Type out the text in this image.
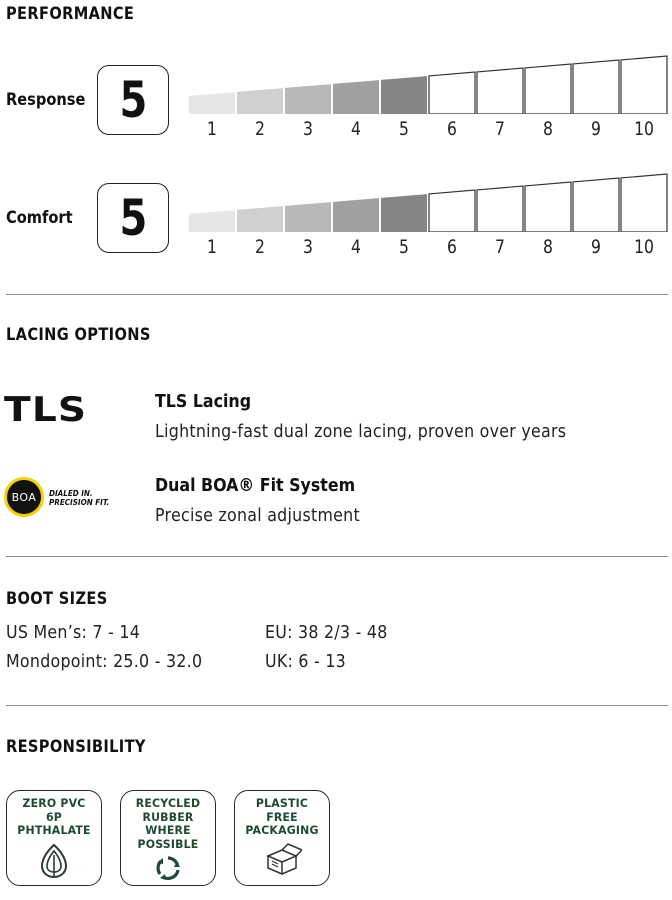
PERFORMANCE
Response 5	1	2	3	4	5	6	7	8	9	10
Comfort 5	1	2	3	4	5	6	7	8	9	10
LACING OPTIONS
TLS	TLS Lacing
Lightning-fast dual zone lacing, proven over years
BOA DIALED IN.
PRECISION FIT.
Dual BOA® Fit System
Precise zonal adjustment
BOOT SIZES
US Men’s: 7 - 14	EU: 38 2/3 - 48
Mondopoint: 25.0 - 32.0	UK: 6 - 13
RESPONSIBILITY
ZERO PVC
6P
PHTHALATE
RECYCLED
RUBBER
WHERE
POSSIBLE
PLASTIC
FREE
PACKAGING
